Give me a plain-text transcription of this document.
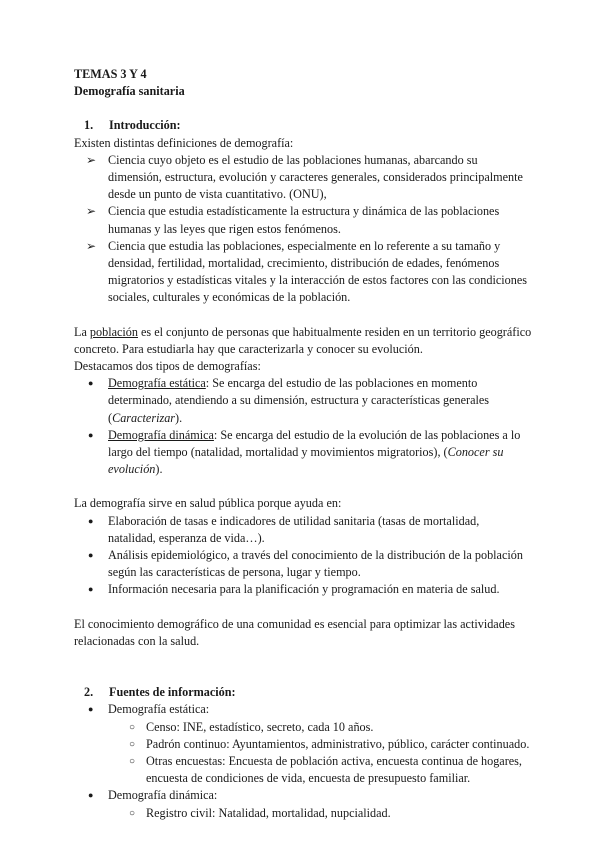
TEMAS 3 Y 4
Demografía sanitaria
1. Introducción:
Existen distintas definiciones de demografía:
➢ Ciencia cuyo objeto es el estudio de las poblaciones humanas, abarcando su
dimensión, estructura, evolución y caracteres generales, considerados principalmente
desde un punto de vista cuantitativo. (ONU),
➢ Ciencia que estudia estadísticamente la estructura y dinámica de las poblaciones
humanas y las leyes que rigen estos fenómenos.
➢ Ciencia que estudia las poblaciones, especialmente en lo referente a su tamaño y
densidad, fertilidad, mortalidad, crecimiento, distribución de edades, fenómenos
migratorios y estadísticas vitales y la interacción de estos factores con las condiciones
sociales, culturales y económicas de la población.
La población es el conjunto de personas que habitualmente residen en un territorio geográfico
concreto. Para estudiarla hay que caracterizarla y conocer su evolución.
Destacamos dos tipos de demografías:
● Demografía estática: Se encarga del estudio de las poblaciones en momento
determinado, atendiendo a su dimensión, estructura y características generales
(Caracterizar).
● Demografía dinámica: Se encarga del estudio de la evolución de las poblaciones a lo
largo del tiempo (natalidad, mortalidad y movimientos migratorios), (Conocer su
evolución).
La demografía sirve en salud pública porque ayuda en:
● Elaboración de tasas e indicadores de utilidad sanitaria (tasas de mortalidad,
natalidad, esperanza de vida…).
● Análisis epidemiológico, a través del conocimiento de la distribución de la población
según las características de persona, lugar y tiempo.
● Información necesaria para la planificación y programación en materia de salud.
El conocimiento demográfico de una comunidad es esencial para optimizar las actividades
relacionadas con la salud.
2. Fuentes de información:
● Demografía estática:
○ Censo: INE, estadístico, secreto, cada 10 años.
○ Padrón continuo: Ayuntamientos, administrativo, público, carácter continuado.
○ Otras encuestas: Encuesta de población activa, encuesta continua de hogares,
encuesta de condiciones de vida, encuesta de presupuesto familiar.
● Demografía dinámica:
○ Registro civil: Natalidad, mortalidad, nupcialidad.
